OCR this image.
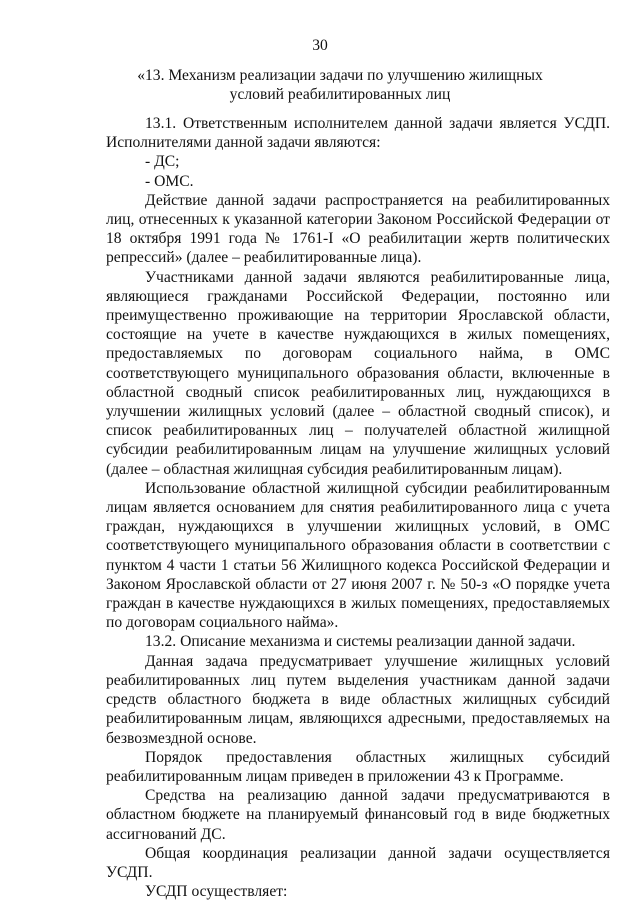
30
«13. Механизм реализации задачи по улучшению жилищных условий реабилитированных лиц

13.1. Ответственным исполнителем данной задачи является УСДП. Исполнителями данной задачи являются:

- ДС;

- ОМС.

Действие данной задачи распространяется на реабилитированных лиц, отнесенных к указанной категории Законом Российской Федерации от 18 октября 1991 года № 1761-I «О реабилитации жертв политических репрессий» (далее – реабилитированные лица).

Участниками данной задачи являются реабилитированные лица, являющиеся гражданами Российской Федерации, постоянно или преимущественно проживающие на территории Ярославской области, состоящие на учете в качестве нуждающихся в жилых помещениях, предоставляемых по договорам социального найма, в ОМС соответствующего муниципального образования области, включенные в областной сводный список реабилитированных лиц, нуждающихся в улучшении жилищных условий (далее – областной сводный список), и список реабилитированных лиц – получателей областной жилищной субсидии реабилитированным лицам на улучшение жилищных условий (далее – областная жилищная субсидия реабилитированным лицам).

Использование областной жилищной субсидии реабилитированным лицам является основанием для снятия реабилитированного лица с учета граждан, нуждающихся в улучшении жилищных условий, в ОМС соответствующего муниципального образования области в соответствии с пунктом 4 части 1 статьи 56 Жилищного кодекса Российской Федерации и Законом Ярославской области от 27 июня 2007 г. № 50-з «О порядке учета граждан в качестве нуждающихся в жилых помещениях, предоставляемых по договорам социального найма».

13.2. Описание механизма и системы реализации данной задачи.

Данная задача предусматривает улучшение жилищных условий реабилитированных лиц путем выделения участникам данной задачи средств областного бюджета в виде областных жилищных субсидий реабилитированным лицам, являющихся адресными, предоставляемых на безвозмездной основе.

Порядок предоставления областных жилищных субсидий реабилитированным лицам приведен в приложении 43 к Программе.

Средства на реализацию данной задачи предусматриваются в областном бюджете на планируемый финансовый год в виде бюджетных ассигнований ДС.

Общая координация реализации данной задачи осуществляется УСДП.

УСДП осуществляет:
